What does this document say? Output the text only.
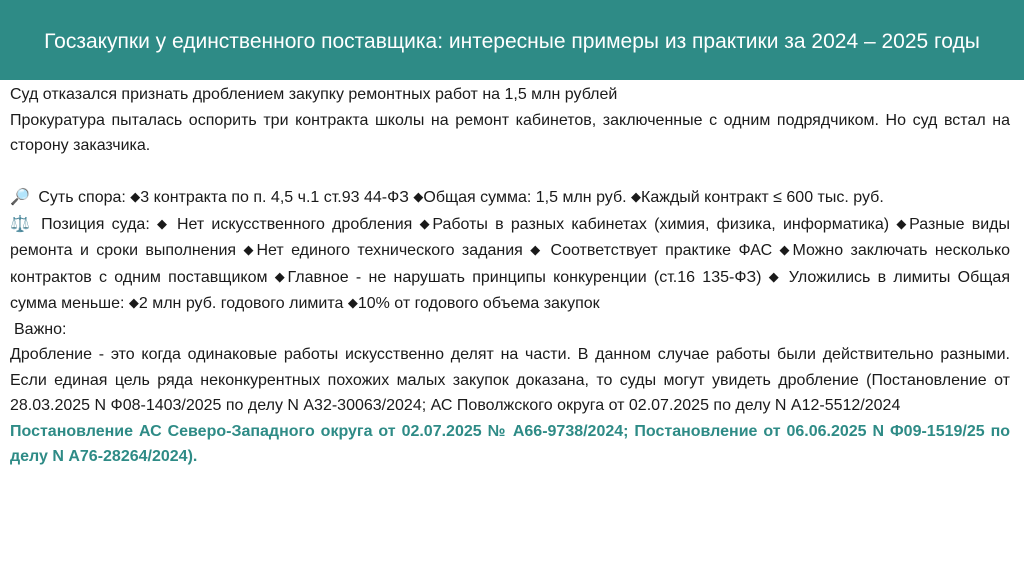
Госзакупки у единственного поставщика: интересные примеры из практики за 2024 – 2025 годы

Суд отказался признать дроблением закупку ремонтных работ на 1,5 млн рублей

Прокуратура пыталась оспорить три контракта школы на ремонт кабинетов, заключенные с одним подрядчиком. Но суд встал на сторону заказчика.

🔎 Суть спора: ◆3 контракта по п. 4,5 ч.1 ст.93 44-ФЗ ◆Общая сумма: 1,5 млн руб. ◆Каждый контракт ≤ 600 тыс. руб.

⚖️ Позиция суда: ◆ Нет искусственного дробления ◆Работы в разных кабинетах (химия, физика, информатика) ◆Разные виды ремонта и сроки выполнения ◆Нет единого технического задания ◆ Соответствует практике ФАС ◆Можно заключать несколько контрактов с одним поставщиком ◆Главное - не нарушать принципы конкуренции (ст.16 135-ФЗ) ◆ Уложились в лимиты Общая сумма меньше: ◆2 млн руб. годового лимита ◆10% от годового объема закупок

Важно:

Дробление - это когда одинаковые работы искусственно делят на части. В данном случае работы были действительно разными. Если единая цель ряда неконкурентных похожих малых закупок доказана, то суды могут увидеть дробление (Постановление от 28.03.2025 N Ф08-1403/2025 по делу N А32-30063/2024; АС Поволжского округа от 02.07.2025 по делу N А12-5512/2024

Постановление АС Северо-Западного округа от 02.07.2025 № А66-9738/2024; Постановление от 06.06.2025 N Ф09-1519/25 по делу N А76-28264/2024).
